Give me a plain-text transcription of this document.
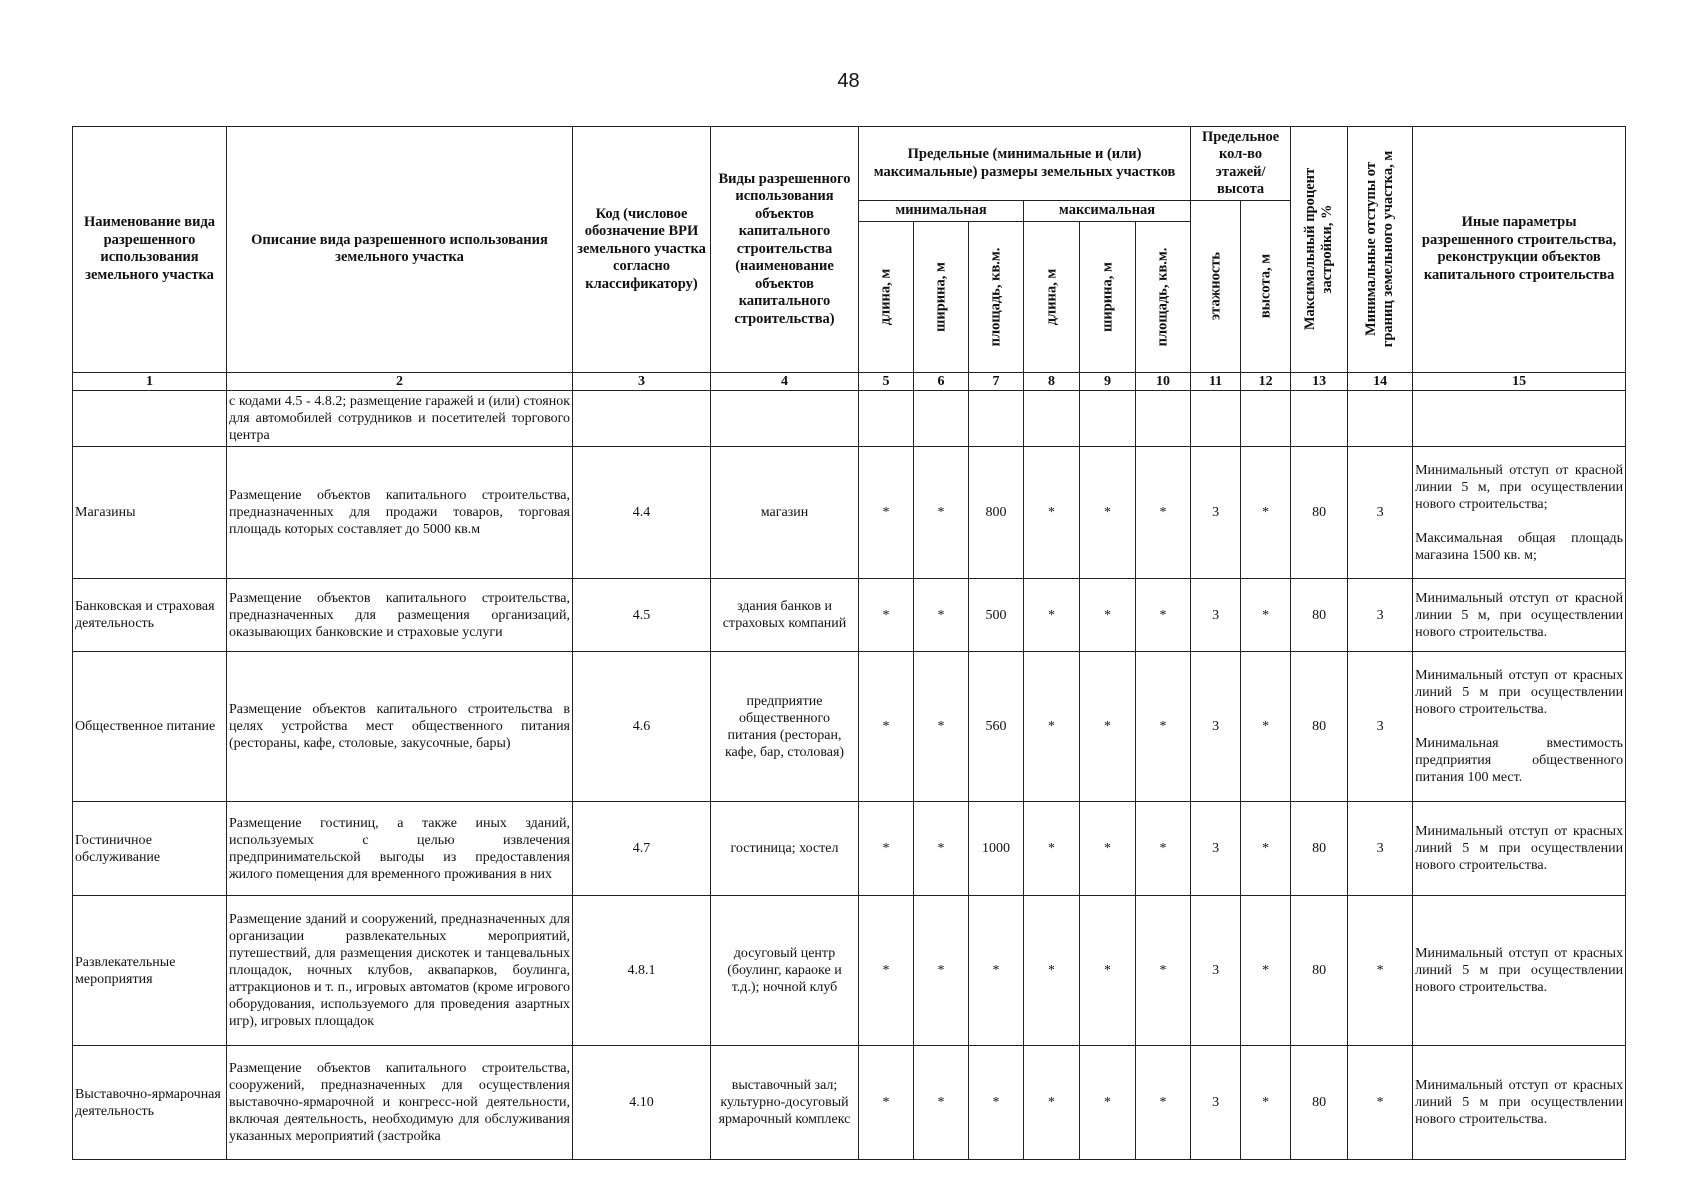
48
Наименование вида разрешенного использования земельного участка	Описание вида разрешенного использования земельного участка	Код (числовое обозначение ВРИ земельного участка согласно классификатору)	Виды разрешенного использования объектов капитального строительства (наименование объектов капитального строительства)	Предельные (минимальные и (или) максимальные) размеры земельных участков						Предельное кол-во этажей/ высота		Максимальный процент застройки, %	Минимальные отступы от границ земельного участка, м	Иные параметры разрешенного строительства, реконструкции объектов капитального строительства
				минимальная			максимальная			этажность	высота, м			

				длина, м	ширина, м	площадь, кв.м.	длина, м	ширина, м	площадь, кв.м.					

1	2	3	4	5	6	7	8	9	10	11	12	13	14	15
	с кодами 4.5 - 4.8.2; размещение гаражей и (или) стоянок для автомобилей сотрудников и посетителей торгового центра													
Магазины	Размещение объектов капитального строительства, предназначенных для продажи товаров, торговая площадь которых составляет до 5000 кв.м	4.4	магазин	*	*	800	*	*	*	3	*	80	3	Минимальный отступ от красной линии 5 м, при осуществлении нового строительства;
Максимальная общая площадь магазина 1500 кв. м;

Банковская и страховая деятельность	Размещение объектов капитального строительства, предназначенных для размещения организаций, оказывающих банковские и страховые услуги	4.5	здания банков и страховых компаний	*	*	500	*	*	*	3	*	80	3	Минимальный отступ от красной линии 5 м, при осуществлении нового строительства.

Общественное питание	Размещение объектов капитального строительства в целях устройства мест общественного питания (рестораны, кафе, столовые, закусочные, бары)	4.6	предприятие общественного питания (ресторан, кафе, бар, столовая)	*	*	560	*	*	*	3	*	80	3	Минимальный отступ от красных линий 5 м при осуществлении нового строительства.
Минимальная вместимость предприятия общественного питания 100 мест.

Гостиничное обслуживание	Размещение гостиниц, а также иных зданий, используемых с целью извлечения предпринимательской выгоды из предоставления жилого помещения для временного проживания в них	4.7	гостиница; хостел	*	*	1000	*	*	*	3	*	80	3	Минимальный отступ от красных линий 5 м при осуществлении нового строительства.

Развлекательные мероприятия	Размещение зданий и сооружений, предназначенных для организации развлекательных мероприятий, путешествий, для размещения дискотек и танцевальных площадок, ночных клубов, аквапарков, боулинга, аттракционов и т. п., игровых автоматов (кроме игрового оборудования, используемого для проведения азартных игр), игровых площадок	4.8.1	досуговый центр (боулинг, караоке и т.д.); ночной клуб	*	*	*	*	*	*	3	*	80	*	Минимальный отступ от красных линий 5 м при осуществлении нового строительства.

Выставочно-ярмарочная деятельность	Размещение объектов капитального строительства, сооружений, предназначенных для осуществления выставочно-ярмарочной и конгресс-ной деятельности, включая деятельность, необходимую для обслуживания указанных мероприятий (застройка	4.10	выставочный зал; культурно-досуговый ярмарочный комплекс	*	*	*	*	*	*	3	*	80	*	Минимальный отступ от красных линий 5 м при осуществлении нового строительства.
